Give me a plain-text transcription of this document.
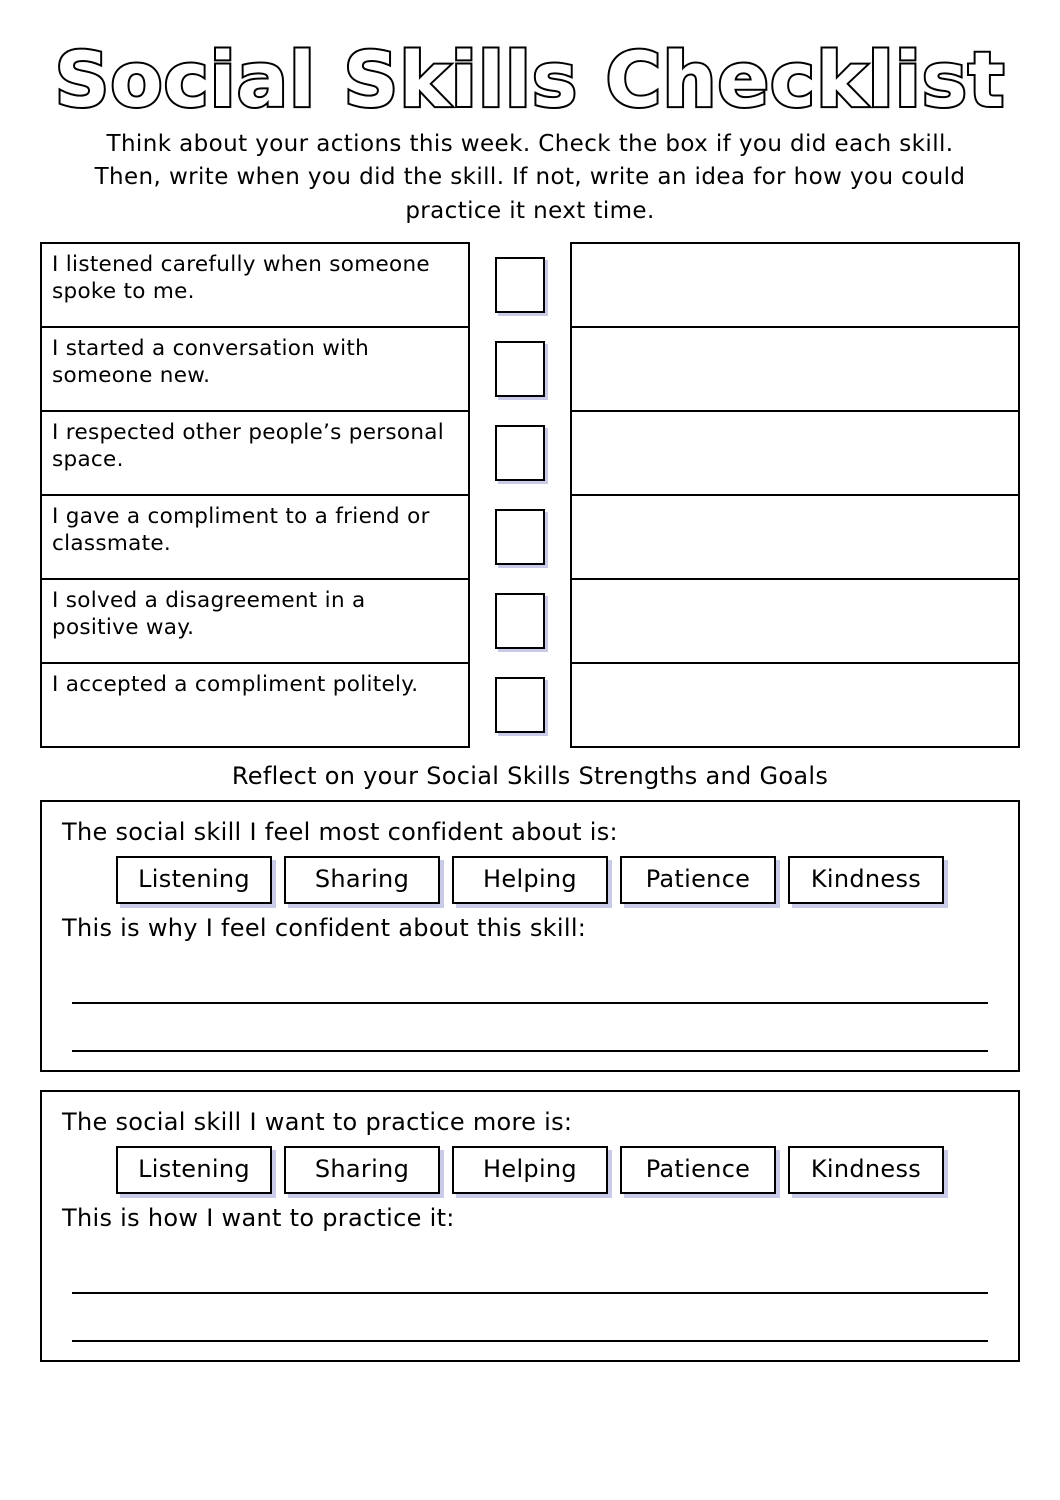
Social Skills Checklist
Think about your actions this week. Check the box if you did each skill. Then, write when you did the skill. If not, write an idea for how you could practice it next time.
I listened carefully when someone spoke to me.
I started a conversation with someone new.
I respected other people’s personal space.
I gave a compliment to a friend or classmate.
I solved a disagreement in a positive way.
I accepted a compliment politely.
Reflect on your Social Skills Strengths and Goals
The social skill I feel most confident about is:
Listening	Sharing	Helping	Patience	Kindness
This is why I feel confident about this skill:
The social skill I want to practice more is:
Listening	Sharing	Helping	Patience	Kindness
This is how I want to practice it:
